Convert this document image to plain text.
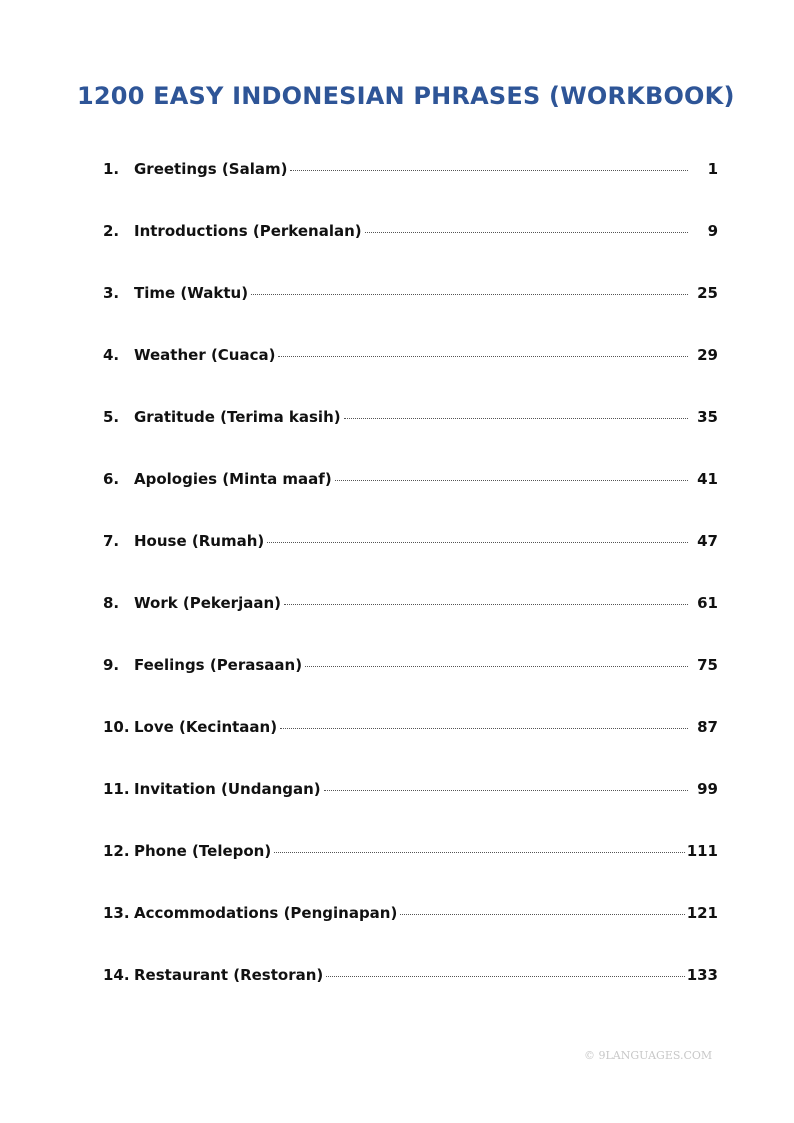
1200 EASY INDONESIAN PHRASES (WORKBOOK)
1. Greetings (Salam)	1
2. Introductions (Perkenalan)	9
3. Time (Waktu)	25
4. Weather (Cuaca)	29
5. Gratitude (Terima kasih)	35
6. Apologies (Minta maaf)	41
7. House (Rumah)	47
8. Work (Pekerjaan)	61
9. Feelings (Perasaan)	75
10. Love (Kecintaan)	87
11. Invitation (Undangan)	99
12. Phone (Telepon)	111
13. Accommodations (Penginapan)	121
14. Restaurant (Restoran)	133
© 9LANGUAGES.COM
